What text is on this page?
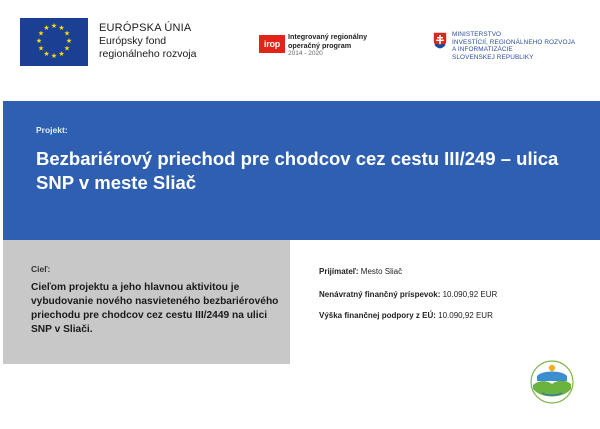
★ ★
★
★
★
★
★
★
★
★
★
★	EURÓPSKA ÚNIA
Európsky fond
regionálneho rozvoja
irop
Integrovaný regionálny
operačný program
2014 - 2020
MINISTERSTVO
INVESTÍCIÍ, REGIONÁLNEHO ROZVOJA
A INFORMATIZÁCIE
SLOVENSKEJ REPUBLIKY
Projekt:
Bezbariérový priechod pre chodcov cez cestu III/249 – ulica SNP v meste Sliač
Cieľ:
Cieľom projektu a jeho hlavnou aktivitou je vybudovanie nového nasvieteného bezbariérového priechodu pre chodcov cez cestu III/2449 na ulici SNP v Sliači.
Prijímateľ: Mesto Sliač
Nenávratný finančný príspevok: 10.090,92 EUR
Výška finančnej podpory z EÚ: 10.090,92 EUR
